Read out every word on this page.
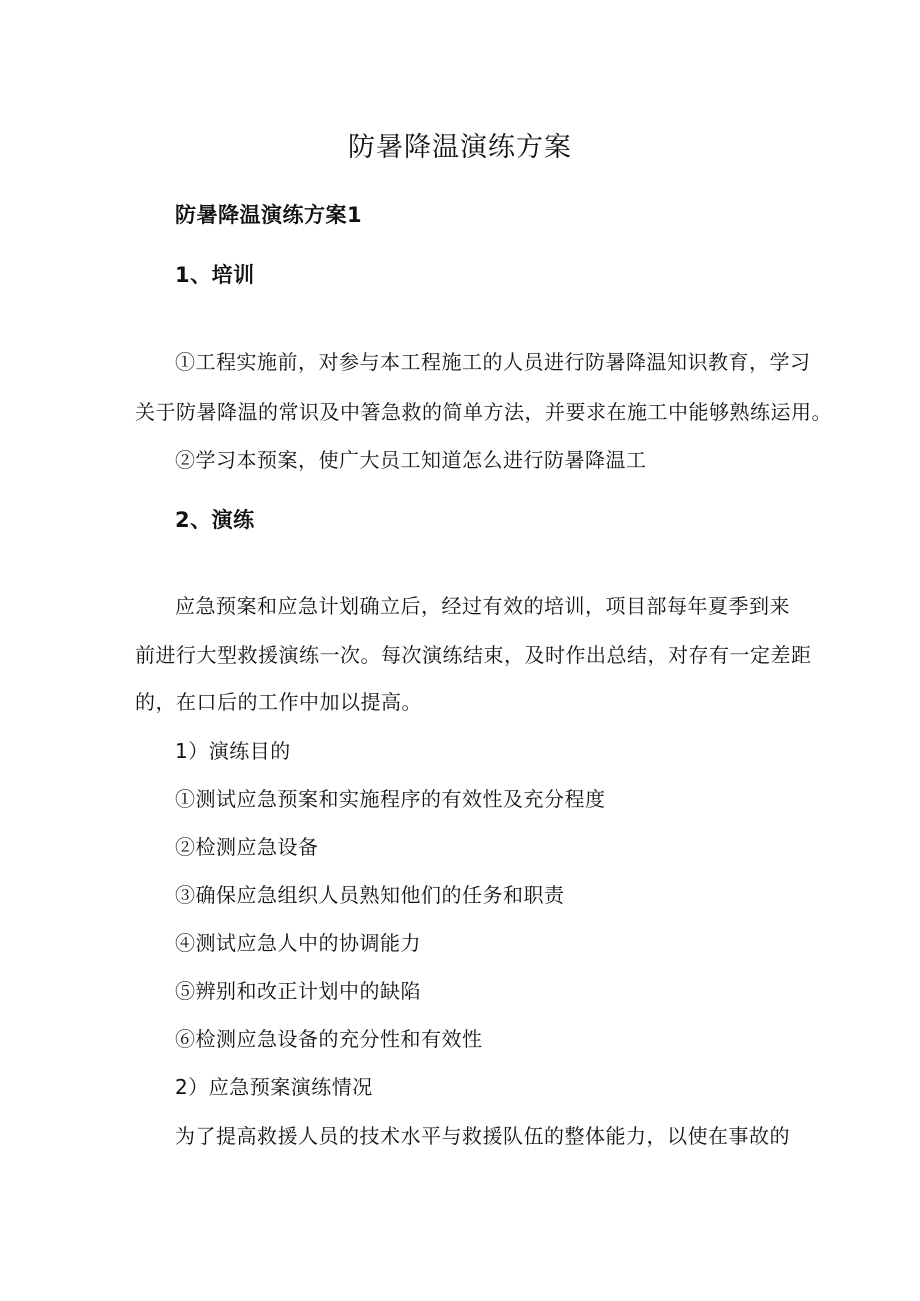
防暑降温演练方案
防暑降温演练方案1
1、培训

①工程实施前，对参与本工程施工的人员进行防暑降温知识教育，学习

关于防暑降温的常识及中箸急救的简单方法，并要求在施工中能够熟练运用。

②学习本预案，使广大员工知道怎么进行防暑降温工

2、演练

应急预案和应急计划确立后，经过有效的培训，项目部每年夏季到来

前进行大型救援演练一次。每次演练结束，及时作出总结，对存有一定差距

的，在口后的工作中加以提高。

1）演练目的

①测试应急预案和实施程序的有效性及充分程度

②检测应急设备

③确保应急组织人员熟知他们的任务和职责

④测试应急人中的协调能力

⑤辨别和改正计划中的缺陷

⑥检测应急设备的充分性和有效性

2）应急预案演练情况

为了提高救援人员的技术水平与救援队伍的整体能力，以使在事故的
